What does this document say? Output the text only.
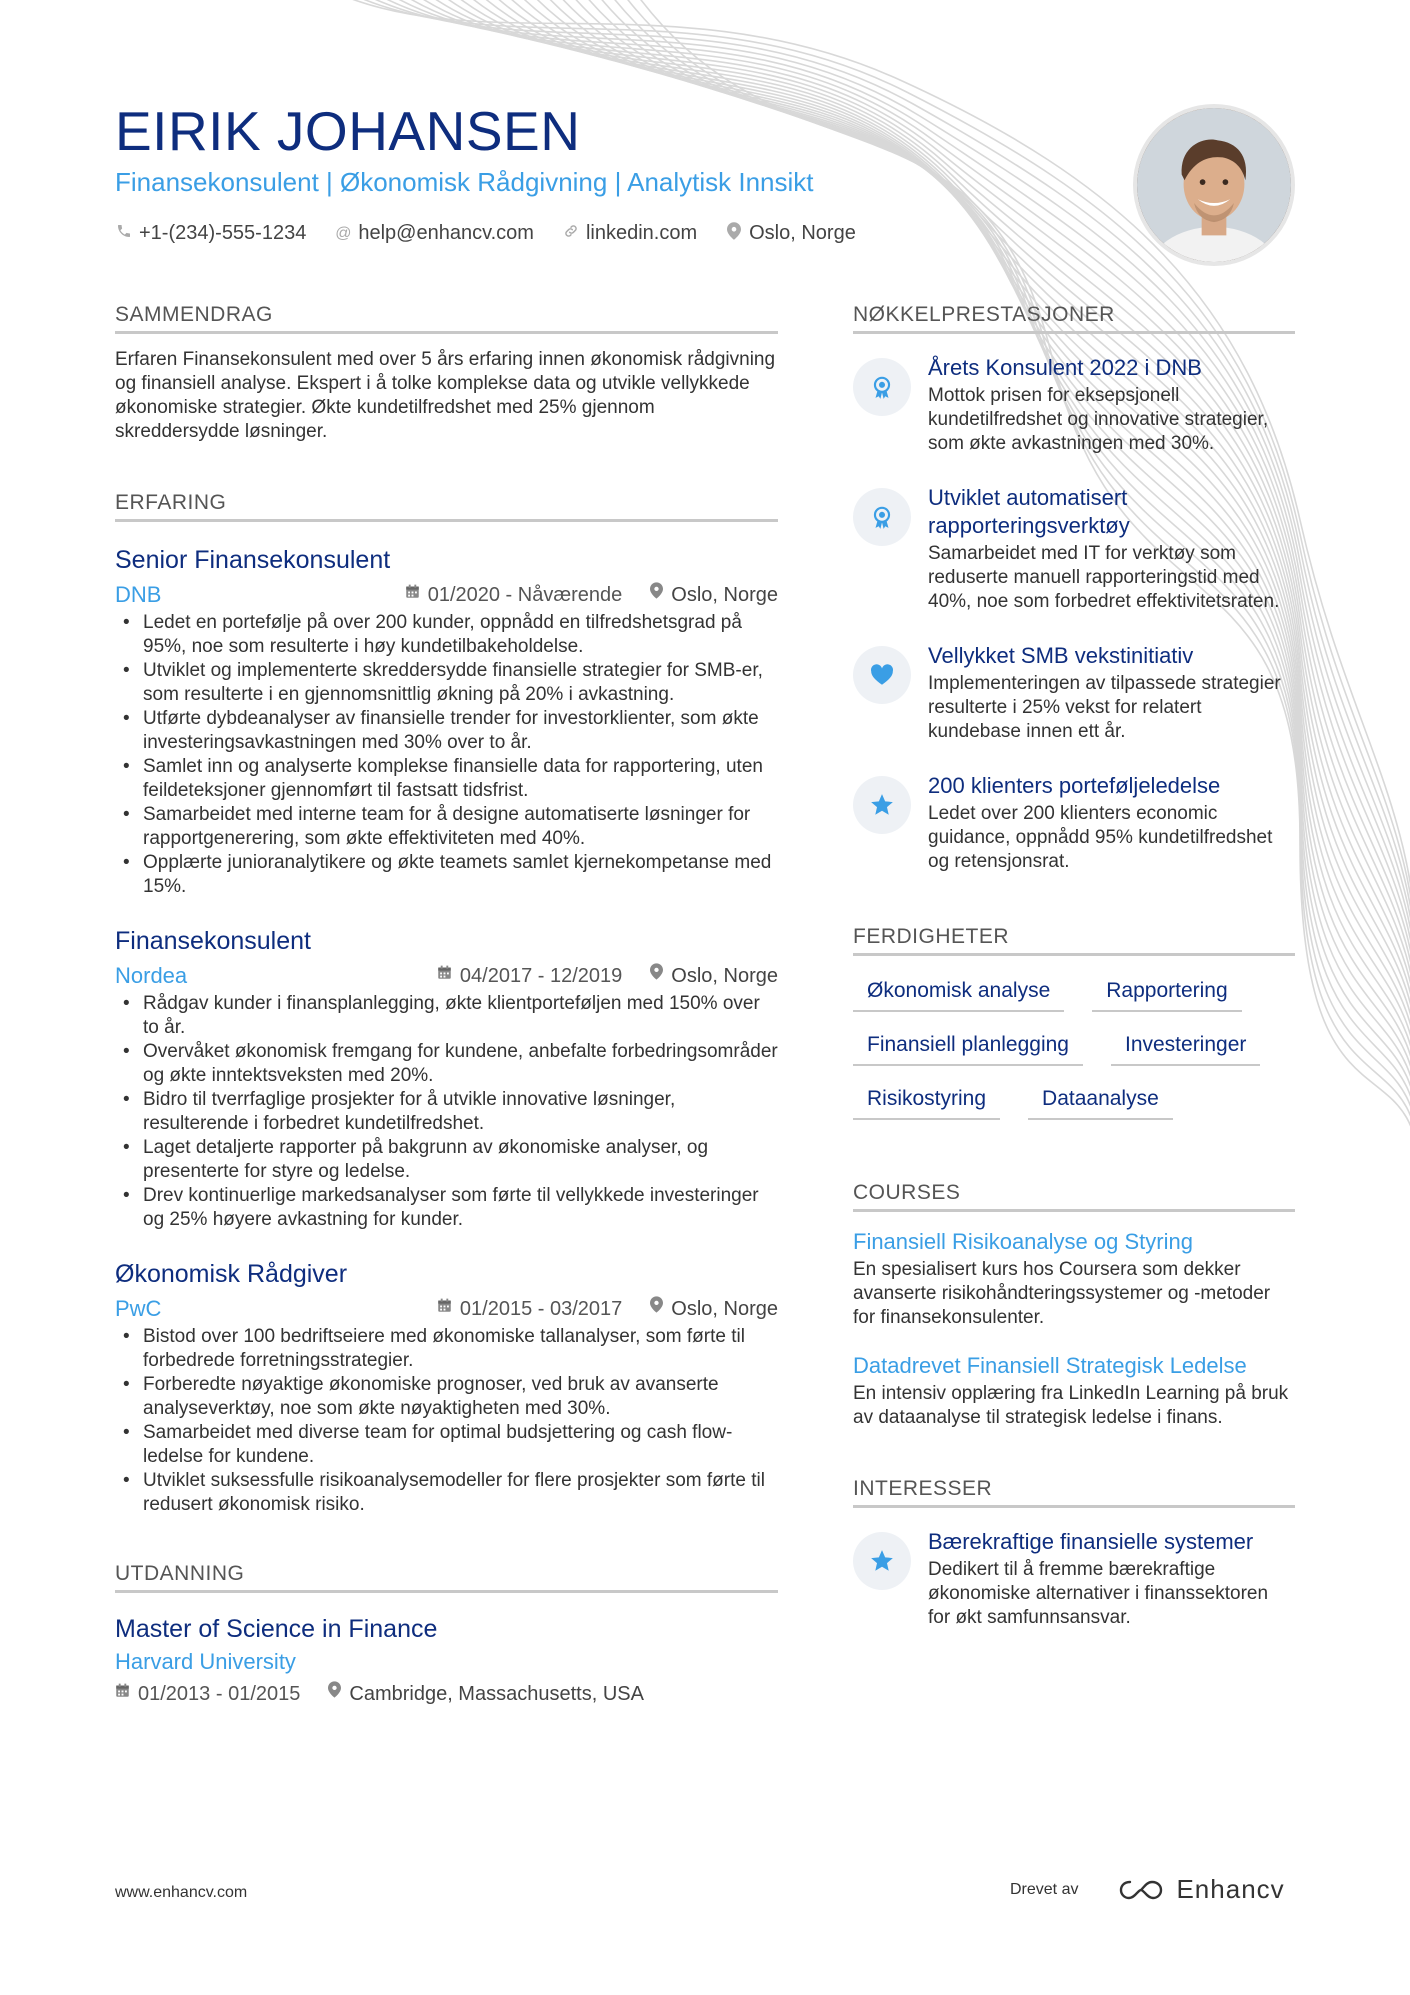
EIRIK JOHANSEN
Finansekonsulent | Økonomisk Rådgivning | Analytisk Innsikt
+1-(234)-555-1234 @ help@enhancv.com	linkedin.com	Oslo, Norge
SAMMENDRAG

Erfaren Finansekonsulent med over 5 års erfaring innen økonomisk rådgivning og finansiell analyse. Ekspert i å tolke komplekse data og utvikle vellykkede økonomiske strategier. Økte kundetilfredshet med 25% gjennom skreddersydde løsninger.

ERFARING
Senior Finansekonsulent
DNB	01/2020 - Nåværende Oslo, Norge
• Ledet en portefølje på over 200 kunder, oppnådd en tilfredshetsgrad på 95%, noe som resulterte i høy kundetilbakeholdelse.
• Utviklet og implementerte skreddersydde finansielle strategier for SMB-er, som resulterte i en gjennomsnittlig økning på 20% i avkastning.
• Utførte dybdeanalyser av finansielle trender for investorklienter, som økte investeringsavkastningen med 30% over to år.
• Samlet inn og analyserte komplekse finansielle data for rapportering, uten feildeteksjoner gjennomført til fastsatt tidsfrist.
• Samarbeidet med interne team for å designe automatiserte løsninger for rapportgenerering, som økte effektiviteten med 40%.
• Opplærte junioranalytikere og økte teamets samlet kjernekompetanse med 15%.
Finansekonsulent
Nordea	04/2017 - 12/2019 Oslo, Norge
• Rådgav kunder i finansplanlegging, økte klientporteføljen med 150% over to år.
• Overvåket økonomisk fremgang for kundene, anbefalte forbedringsområder og økte inntektsveksten med 20%.
• Bidro til tverrfaglige prosjekter for å utvikle innovative løsninger, resulterende i forbedret kundetilfredshet.
• Laget detaljerte rapporter på bakgrunn av økonomiske analyser, og presenterte for styre og ledelse.
• Drev kontinuerlige markedsanalyser som førte til vellykkede investeringer og 25% høyere avkastning for kunder.
Økonomisk Rådgiver
PwC	01/2015 - 03/2017 Oslo, Norge
• Bistod over 100 bedriftseiere med økonomiske tallanalyser, som førte til forbedrede forretningsstrategier.
• Forberedte nøyaktige økonomiske prognoser, ved bruk av avanserte analyseverktøy, noe som økte nøyaktigheten med 30%.
• Samarbeidet med diverse team for optimal budsjettering og cash flow-ledelse for kundene.
• Utviklet suksessfulle risikoanalysemodeller for flere prosjekter som førte til redusert økonomisk risiko.
UTDANNING
Master of Science in Finance
Harvard University
01/2013 - 01/2015 Cambridge, Massachusetts, USA
NØKKELPRESTASJONER
Årets Konsulent 2022 i DNB
Mottok prisen for eksepsjonell kundetilfredshet og innovative strategier, som økte avkastningen med 30%.
Utviklet automatisert rapporteringsverktøy
Samarbeidet med IT for verktøy som reduserte manuell rapporteringstid med 40%, noe som forbedret effektivitetsraten.
Vellykket SMB vekstinitiativ
Implementeringen av tilpassede strategier resulterte i 25% vekst for relatert kundebase innen ett år.
200 klienters porteføljeledelse
Ledet over 200 klienters economic guidance, oppnådd 95% kundetilfredshet og retensjonsrat.
FERDIGHETER
Økonomisk analyse	Rapportering
Finansiell planlegging	Investeringer
Risikostyring	Dataanalyse
COURSES
Finansiell Risikoanalyse og Styring
En spesialisert kurs hos Coursera som dekker avanserte risikohåndteringssystemer og -metoder for finansekonsulenter.
Datadrevet Finansiell Strategisk Ledelse
En intensiv opplæring fra LinkedIn Learning på bruk av dataanalyse til strategisk ledelse i finans.
INTERESSER
Bærekraftige finansielle systemer
Dedikert til å fremme bærekraftige økonomiske alternativer i finanssektoren for økt samfunnsansvar.
www.enhancv.com	Drevet av	Enhancv
